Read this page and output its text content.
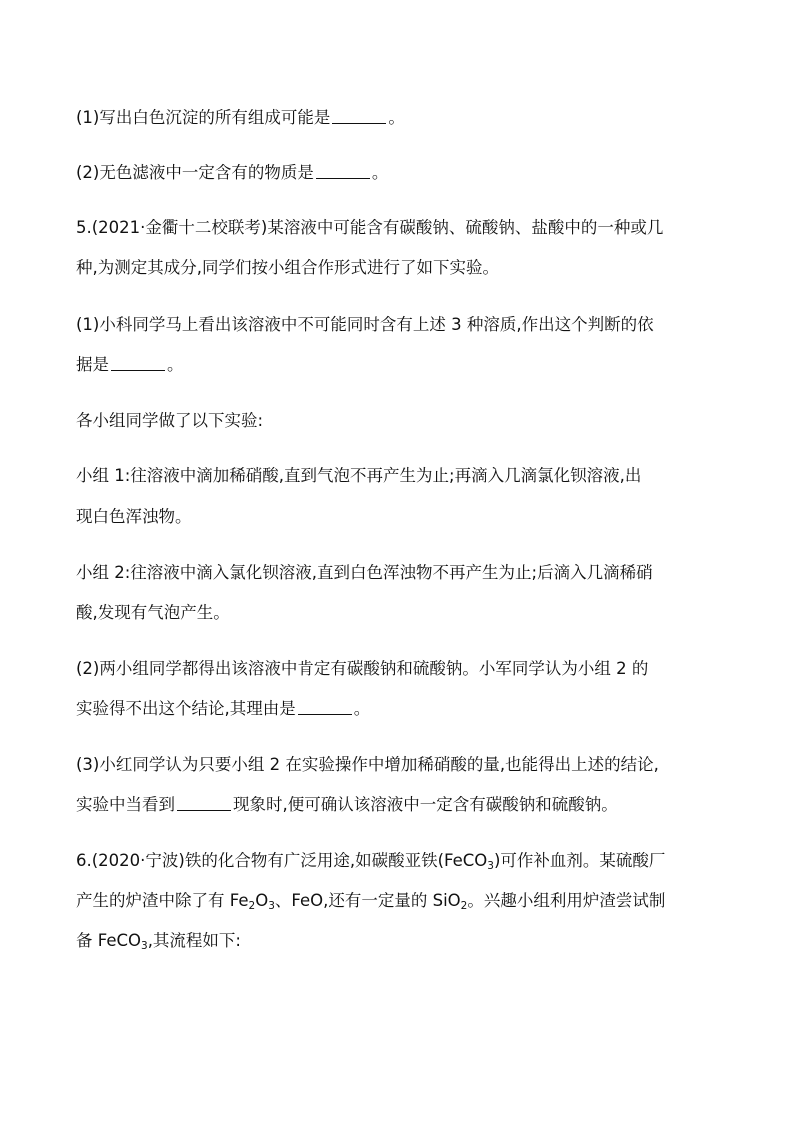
(1)写出白色沉淀的所有组成可能是	。
(2)无色滤液中一定含有的物质是	。
5.(2021·金衢十二校联考)某溶液中可能含有碳酸钠、硫酸钠、盐酸中的一种或几
种,为测定其成分,同学们按小组合作形式进行了如下实验。
(1)小科同学马上看出该溶液中不可能同时含有上述 3 种溶质,作出这个判断的依
据是	。
各小组同学做了以下实验:
小组 1:往溶液中滴加稀硝酸,直到气泡不再产生为止;再滴入几滴氯化钡溶液,出
现白色浑浊物。
小组 2:往溶液中滴入氯化钡溶液,直到白色浑浊物不再产生为止;后滴入几滴稀硝
酸,发现有气泡产生。
(2)两小组同学都得出该溶液中肯定有碳酸钠和硫酸钠。小军同学认为小组 2 的
实验得不出这个结论,其理由是	。
(3)小红同学认为只要小组 2 在实验操作中增加稀硝酸的量,也能得出上述的结论,
实验中当看到	现象时,便可确认该溶液中一定含有碳酸钠和硫酸钠。
6.(2020·宁波)铁的化合物有广泛用途,如碳酸亚铁(FeCO$_3$)可作补血剂。某硫酸厂
产生的炉渣中除了有 $Fe_2O_3$、FeO,还有一定量的 SiO$_2$。兴趣小组利用炉渣尝试制
备 FeCO$_3$,其流程如下:
